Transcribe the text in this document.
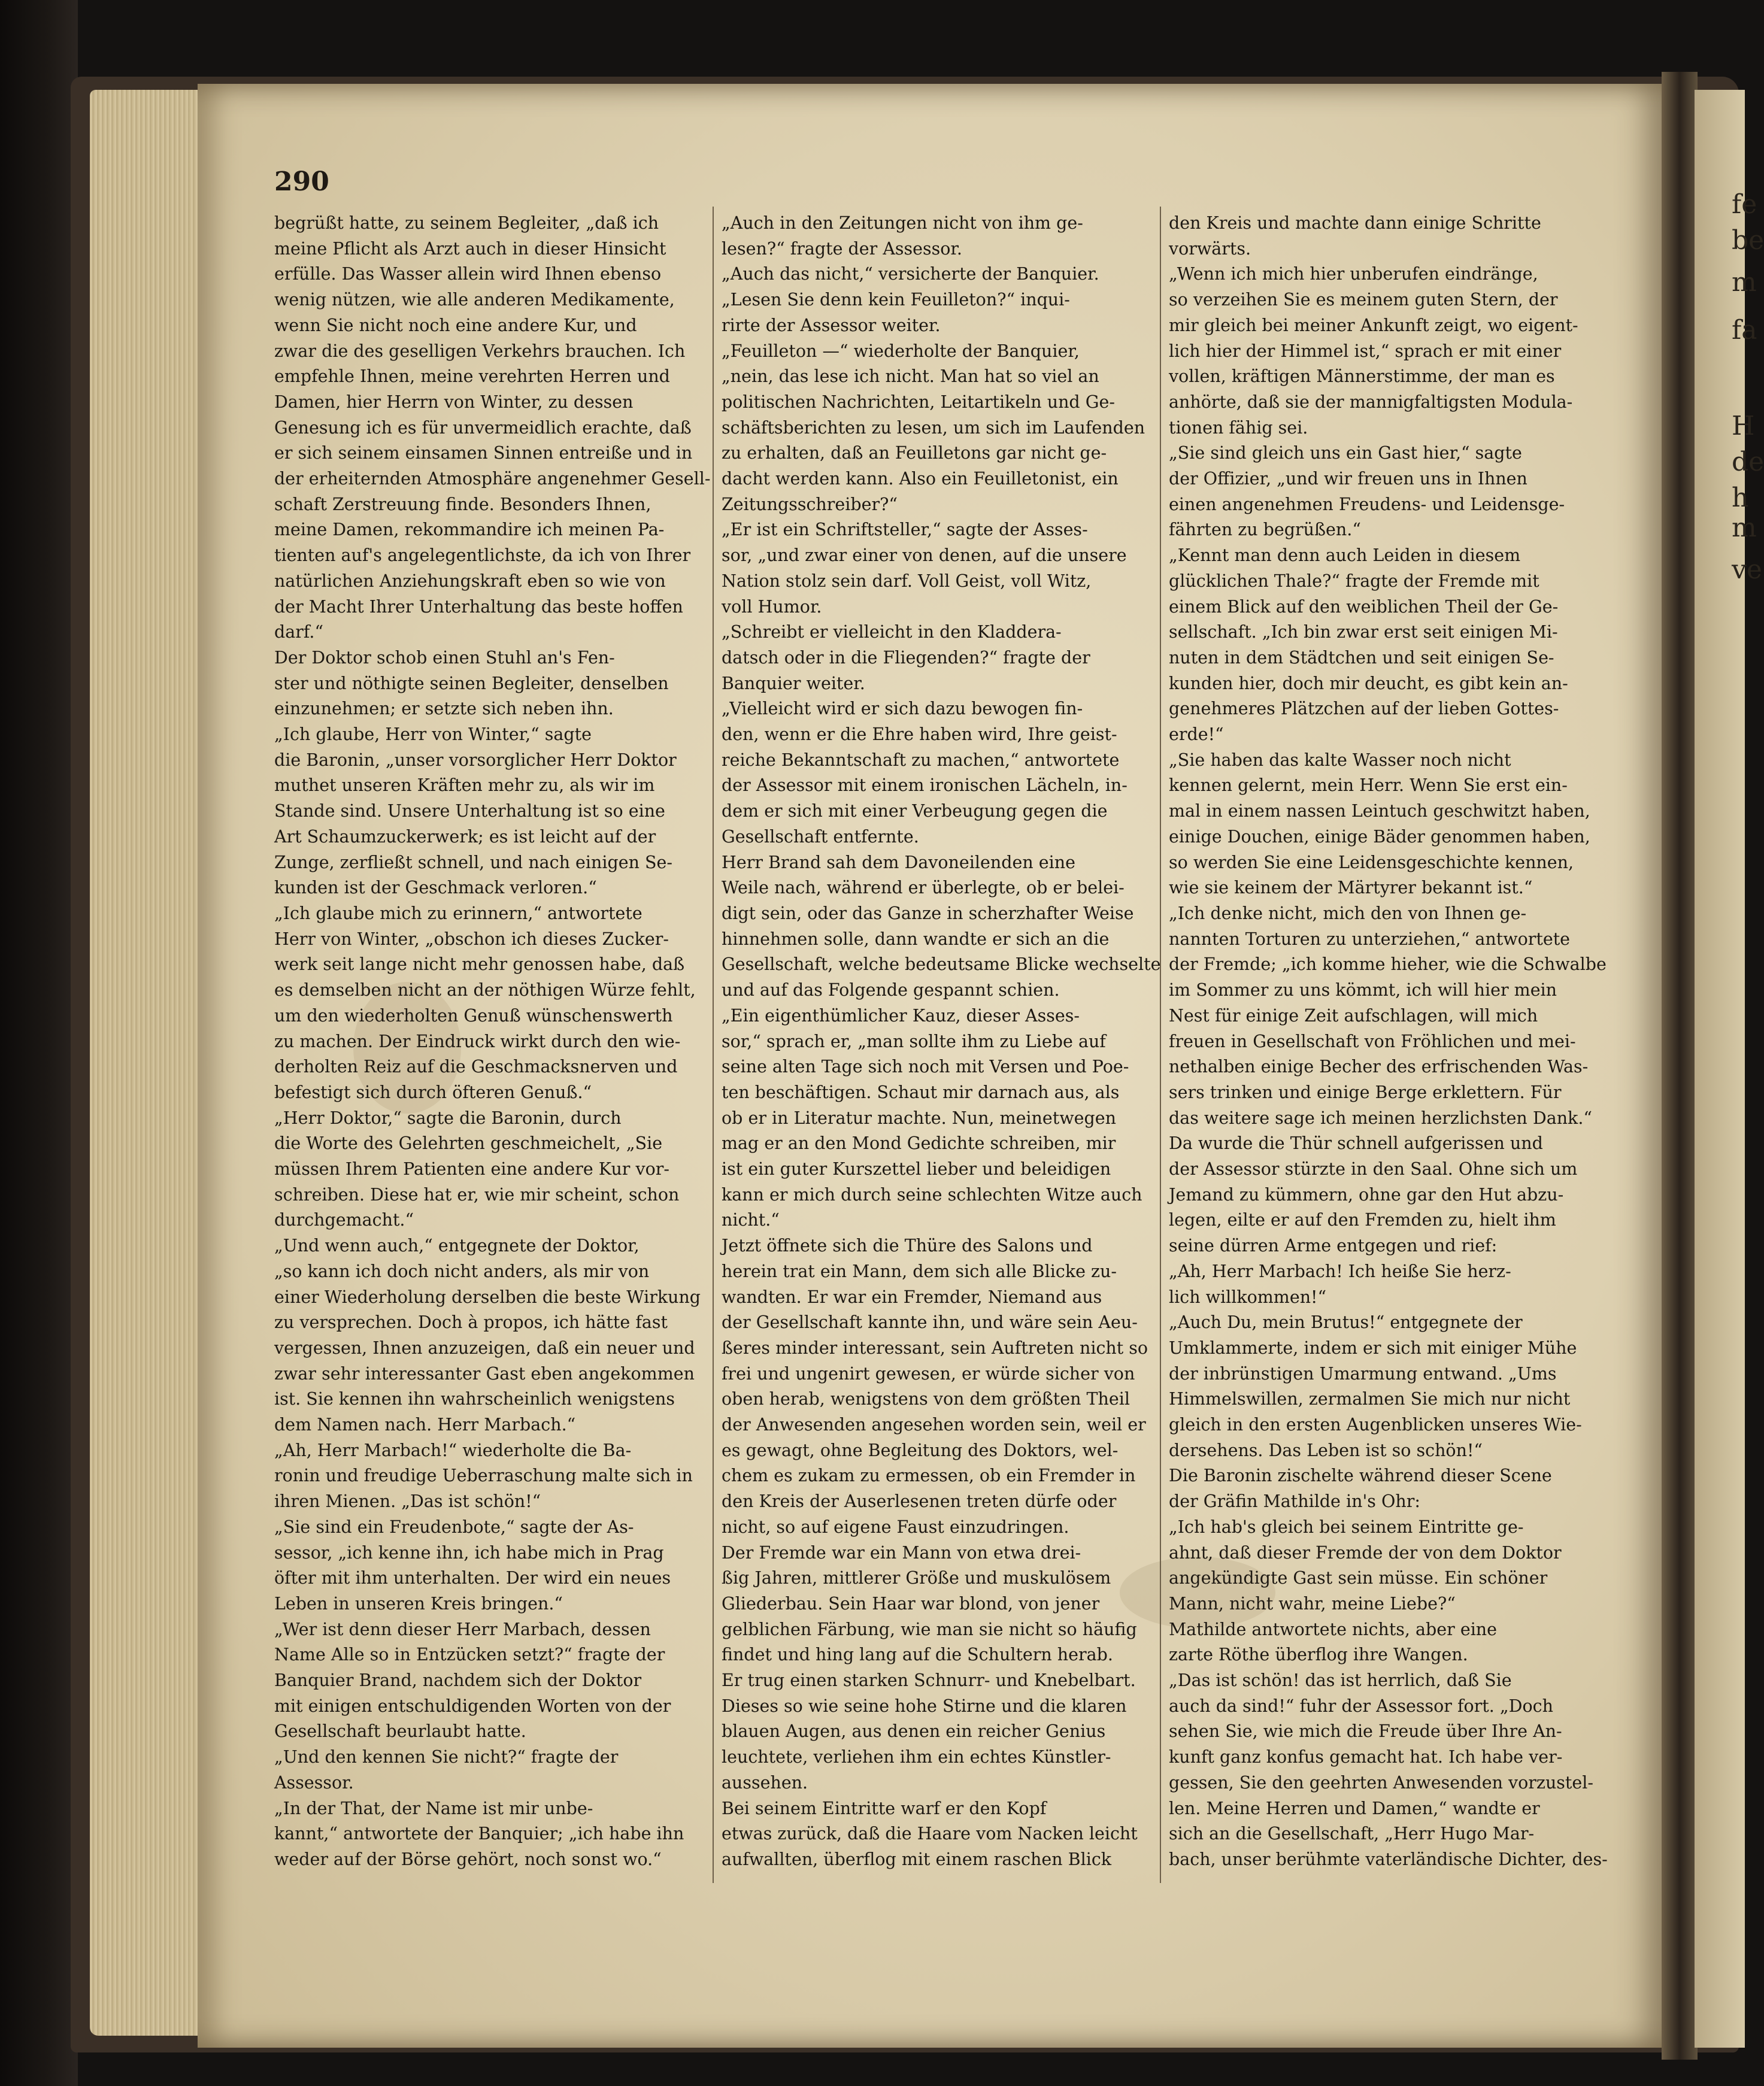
fe
be
m
fa
H
de
h
m
ve
290

begrüßt hatte, zu seinem Begleiter, „daß ich

meine Pflicht als Arzt auch in dieser Hinsicht

erfülle. Das Wasser allein wird Ihnen ebenso

wenig nützen, wie alle anderen Medikamente,

wenn Sie nicht noch eine andere Kur, und

zwar die des geselligen Verkehrs brauchen. Ich

empfehle Ihnen, meine verehrten Herren und

Damen, hier Herrn von Winter, zu dessen

Genesung ich es für unvermeidlich erachte, daß

er sich seinem einsamen Sinnen entreiße und in

der erheiternden Atmosphäre angenehmer Gesell-

schaft Zerstreuung finde. Besonders Ihnen,

meine Damen, rekommandire ich meinen Pa-

tienten auf's angelegentlichste, da ich von Ihrer

natürlichen Anziehungskraft eben so wie von

der Macht Ihrer Unterhaltung das beste hoffen

darf.“

Der Doktor schob einen Stuhl an's Fen-

ster und nöthigte seinen Begleiter, denselben

einzunehmen; er setzte sich neben ihn.

„Ich glaube, Herr von Winter,“ sagte

die Baronin, „unser vorsorglicher Herr Doktor

muthet unseren Kräften mehr zu, als wir im

Stande sind. Unsere Unterhaltung ist so eine

Art Schaumzuckerwerk; es ist leicht auf der

Zunge, zerfließt schnell, und nach einigen Se-

kunden ist der Geschmack verloren.“

„Ich glaube mich zu erinnern,“ antwortete

Herr von Winter, „obschon ich dieses Zucker-

werk seit lange nicht mehr genossen habe, daß

es demselben nicht an der nöthigen Würze fehlt,

um den wiederholten Genuß wünschenswerth

zu machen. Der Eindruck wirkt durch den wie-

derholten Reiz auf die Geschmacksnerven und

befestigt sich durch öfteren Genuß.“

„Herr Doktor,“ sagte die Baronin, durch

die Worte des Gelehrten geschmeichelt, „Sie

müssen Ihrem Patienten eine andere Kur vor-

schreiben. Diese hat er, wie mir scheint, schon

durchgemacht.“

„Und wenn auch,“ entgegnete der Doktor,

„so kann ich doch nicht anders, als mir von

einer Wiederholung derselben die beste Wirkung

zu versprechen. Doch à propos, ich hätte fast

vergessen, Ihnen anzuzeigen, daß ein neuer und

zwar sehr interessanter Gast eben angekommen

ist. Sie kennen ihn wahrscheinlich wenigstens

dem Namen nach. Herr Marbach.“

„Ah, Herr Marbach!“ wiederholte die Ba-

ronin und freudige Ueberraschung malte sich in

ihren Mienen. „Das ist schön!“

„Sie sind ein Freudenbote,“ sagte der As-

sessor, „ich kenne ihn, ich habe mich in Prag

öfter mit ihm unterhalten. Der wird ein neues

Leben in unseren Kreis bringen.“

„Wer ist denn dieser Herr Marbach, dessen

Name Alle so in Entzücken setzt?“ fragte der

Banquier Brand, nachdem sich der Doktor

mit einigen entschuldigenden Worten von der

Gesellschaft beurlaubt hatte.

„Und den kennen Sie nicht?“ fragte der

Assessor.

„In der That, der Name ist mir unbe-

kannt,“ antwortete der Banquier; „ich habe ihn

weder auf der Börse gehört, noch sonst wo.“

„Auch in den Zeitungen nicht von ihm ge-

lesen?“ fragte der Assessor.

„Auch das nicht,“ versicherte der Banquier.

„Lesen Sie denn kein Feuilleton?“ inqui-

rirte der Assessor weiter.

„Feuilleton —“ wiederholte der Banquier,

„nein, das lese ich nicht. Man hat so viel an

politischen Nachrichten, Leitartikeln und Ge-

schäftsberichten zu lesen, um sich im Laufenden

zu erhalten, daß an Feuilletons gar nicht ge-

dacht werden kann. Also ein Feuilletonist, ein

Zeitungsschreiber?“

„Er ist ein Schriftsteller,“ sagte der Asses-

sor, „und zwar einer von denen, auf die unsere

Nation stolz sein darf. Voll Geist, voll Witz,

voll Humor.

„Schreibt er vielleicht in den Kladdera-

datsch oder in die Fliegenden?“ fragte der

Banquier weiter.

„Vielleicht wird er sich dazu bewogen fin-

den, wenn er die Ehre haben wird, Ihre geist-

reiche Bekanntschaft zu machen,“ antwortete

der Assessor mit einem ironischen Lächeln, in-

dem er sich mit einer Verbeugung gegen die

Gesellschaft entfernte.

Herr Brand sah dem Davoneilenden eine

Weile nach, während er überlegte, ob er belei-

digt sein, oder das Ganze in scherzhafter Weise

hinnehmen solle, dann wandte er sich an die

Gesellschaft, welche bedeutsame Blicke wechselte

und auf das Folgende gespannt schien.

„Ein eigenthümlicher Kauz, dieser Asses-

sor,“ sprach er, „man sollte ihm zu Liebe auf

seine alten Tage sich noch mit Versen und Poe-

ten beschäftigen. Schaut mir darnach aus, als

ob er in Literatur machte. Nun, meinetwegen

mag er an den Mond Gedichte schreiben, mir

ist ein guter Kurszettel lieber und beleidigen

kann er mich durch seine schlechten Witze auch

nicht.“

Jetzt öffnete sich die Thüre des Salons und

herein trat ein Mann, dem sich alle Blicke zu-

wandten. Er war ein Fremder, Niemand aus

der Gesellschaft kannte ihn, und wäre sein Aeu-

ßeres minder interessant, sein Auftreten nicht so

frei und ungenirt gewesen, er würde sicher von

oben herab, wenigstens von dem größten Theil

der Anwesenden angesehen worden sein, weil er

es gewagt, ohne Begleitung des Doktors, wel-

chem es zukam zu ermessen, ob ein Fremder in

den Kreis der Auserlesenen treten dürfe oder

nicht, so auf eigene Faust einzudringen.

Der Fremde war ein Mann von etwa drei-

ßig Jahren, mittlerer Größe und muskulösem

Gliederbau. Sein Haar war blond, von jener

gelblichen Färbung, wie man sie nicht so häufig

findet und hing lang auf die Schultern herab.

Er trug einen starken Schnurr- und Knebelbart.

Dieses so wie seine hohe Stirne und die klaren

blauen Augen, aus denen ein reicher Genius

leuchtete, verliehen ihm ein echtes Künstler-

aussehen.

Bei seinem Eintritte warf er den Kopf

etwas zurück, daß die Haare vom Nacken leicht

aufwallten, überflog mit einem raschen Blick

den Kreis und machte dann einige Schritte

vorwärts.

„Wenn ich mich hier unberufen eindränge,

so verzeihen Sie es meinem guten Stern, der

mir gleich bei meiner Ankunft zeigt, wo eigent-

lich hier der Himmel ist,“ sprach er mit einer

vollen, kräftigen Männerstimme, der man es

anhörte, daß sie der mannigfaltigsten Modula-

tionen fähig sei.

„Sie sind gleich uns ein Gast hier,“ sagte

der Offizier, „und wir freuen uns in Ihnen

einen angenehmen Freudens- und Leidensge-

fährten zu begrüßen.“

„Kennt man denn auch Leiden in diesem

glücklichen Thale?“ fragte der Fremde mit

einem Blick auf den weiblichen Theil der Ge-

sellschaft. „Ich bin zwar erst seit einigen Mi-

nuten in dem Städtchen und seit einigen Se-

kunden hier, doch mir deucht, es gibt kein an-

genehmeres Plätzchen auf der lieben Gottes-

erde!“

„Sie haben das kalte Wasser noch nicht

kennen gelernt, mein Herr. Wenn Sie erst ein-

mal in einem nassen Leintuch geschwitzt haben,

einige Douchen, einige Bäder genommen haben,

so werden Sie eine Leidensgeschichte kennen,

wie sie keinem der Märtyrer bekannt ist.“

„Ich denke nicht, mich den von Ihnen ge-

nannten Torturen zu unterziehen,“ antwortete

der Fremde; „ich komme hieher, wie die Schwalbe

im Sommer zu uns kömmt, ich will hier mein

Nest für einige Zeit aufschlagen, will mich

freuen in Gesellschaft von Fröhlichen und mei-

nethalben einige Becher des erfrischenden Was-

sers trinken und einige Berge erklettern. Für

das weitere sage ich meinen herzlichsten Dank.“

Da wurde die Thür schnell aufgerissen und

der Assessor stürzte in den Saal. Ohne sich um

Jemand zu kümmern, ohne gar den Hut abzu-

legen, eilte er auf den Fremden zu, hielt ihm

seine dürren Arme entgegen und rief:

„Ah, Herr Marbach! Ich heiße Sie herz-

lich willkommen!“

„Auch Du, mein Brutus!“ entgegnete der

Umklammerte, indem er sich mit einiger Mühe

der inbrünstigen Umarmung entwand. „Ums

Himmelswillen, zermalmen Sie mich nur nicht

gleich in den ersten Augenblicken unseres Wie-

dersehens. Das Leben ist so schön!“

Die Baronin zischelte während dieser Scene

der Gräfin Mathilde in's Ohr:

„Ich hab's gleich bei seinem Eintritte ge-

ahnt, daß dieser Fremde der von dem Doktor

angekündigte Gast sein müsse. Ein schöner

Mann, nicht wahr, meine Liebe?“

Mathilde antwortete nichts, aber eine

zarte Röthe überflog ihre Wangen.

„Das ist schön! das ist herrlich, daß Sie

auch da sind!“ fuhr der Assessor fort. „Doch

sehen Sie, wie mich die Freude über Ihre An-

kunft ganz konfus gemacht hat. Ich habe ver-

gessen, Sie den geehrten Anwesenden vorzustel-

len. Meine Herren und Damen,“ wandte er

sich an die Gesellschaft, „Herr Hugo Mar-

bach, unser berühmte vaterländische Dichter, des-
